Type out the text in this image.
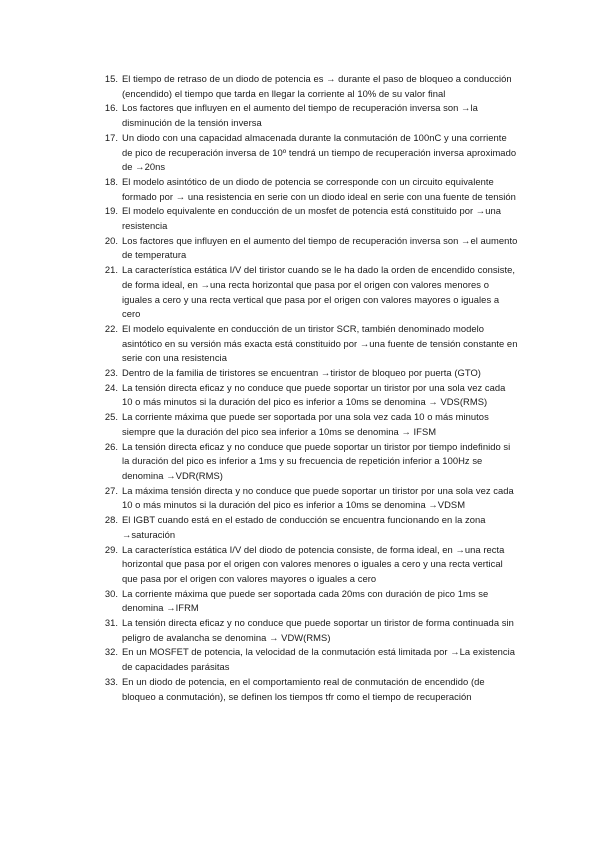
15 . El tiempo de retraso de un diodo de potencia es → durante el paso de bloqueo a conducción (encendido) el tiempo que tarda en llegar la corriente al 10% de su valor final
16 . Los factores que influyen en el aumento del tiempo de recuperación inversa son →la disminución de la tensión inversa
17 . Un diodo con una capacidad almacenada durante la conmutación de 100nC y una corriente de pico de recuperación inversa de 10º tendrá un tiempo de recuperación inversa aproximado de →20ns
18 . El modelo asintótico de un diodo de potencia se corresponde con un circuito equivalente formado por → una resistencia en serie con un diodo ideal en serie con una fuente de tensión
19 . El modelo equivalente en conducción de un mosfet de potencia está constituido por →una resistencia
20 . Los factores que influyen en el aumento del tiempo de recuperación inversa son →el aumento de temperatura
21 . La característica estática I/V del tiristor cuando se le ha dado la orden de encendido consiste, de forma ideal, en →una recta horizontal que pasa por el origen con valores menores o iguales a cero y una recta vertical que pasa por el origen con valores mayores o iguales a cero
22 . El modelo equivalente en conducción de un tiristor SCR, también denominado modelo asintótico en su versión más exacta está constituido por →una fuente de tensión constante en serie con una resistencia
23 . Dentro de la familia de tiristores se encuentran →tiristor de bloqueo por puerta (GTO)
24 . La tensión directa eficaz y no conduce que puede soportar un tiristor por una sola vez cada 10 o más minutos si la duración del pico es inferior a 10ms se denomina → VDS(RMS)
25 . La corriente máxima que puede ser soportada por una sola vez cada 10 o más minutos siempre que la duración del pico sea inferior a 10ms se denomina → IFSM
26 . La tensión directa eficaz y no conduce que puede soportar un tiristor por tiempo indefinido si la duración del pico es inferior a 1ms y su frecuencia de repetición inferior a 100Hz se denomina →VDR(RMS)
27 . La máxima tensión directa y no conduce que puede soportar un tiristor por una sola vez cada 10 o más minutos si la duración del pico es inferior a 10ms se denomina →VDSM
28 . El IGBT cuando está en el estado de conducción se encuentra funcionando en la zona →saturación
29 . La característica estática I/V del diodo de potencia consiste, de forma ideal, en →una recta horizontal que pasa por el origen con valores menores o iguales a cero y una recta vertical que pasa por el origen con valores mayores o iguales a cero
30 . La corriente máxima que puede ser soportada cada 20ms con duración de pico 1ms se denomina →IFRM
31 . La tensión directa eficaz y no conduce que puede soportar un tiristor de forma continuada sin peligro de avalancha se denomina → VDW(RMS)
32 . En un MOSFET de potencia, la velocidad de la conmutación está limitada por →La existencia de capacidades parásitas
33 . En un diodo de potencia, en el comportamiento real de conmutación de encendido (de bloqueo a conmutación), se definen los tiempos tfr como el tiempo de recuperación
